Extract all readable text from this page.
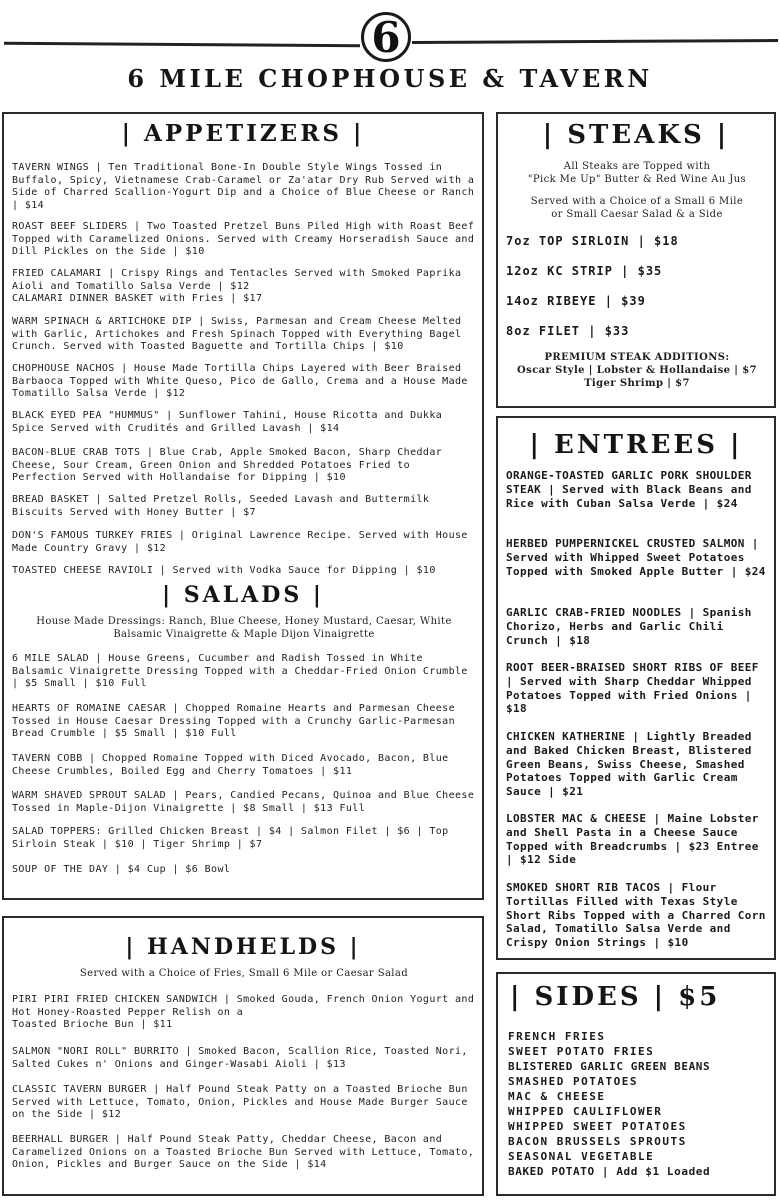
6
6 MILE CHOPHOUSE & TAVERN
| APPETIZERS |

TAVERN WINGS | Ten Traditional Bone-In Double Style Wings Tossed in Buffalo, Spicy, Vietnamese Crab-Caramel or Za'atar Dry Rub Served with a Side of Charred Scallion-Yogurt Dip and a Choice of Blue Cheese or Ranch | $14

ROAST BEEF SLIDERS | Two Toasted Pretzel Buns Piled High with Roast Beef Topped with Caramelized Onions. Served with Creamy Horseradish Sauce and Dill Pickles on the Side | $10

FRIED CALAMARI | Crispy Rings and Tentacles Served with Smoked Paprika Aioli and Tomatillo Salsa Verde | $12
CALAMARI DINNER BASKET with Fries | $17

WARM SPINACH & ARTICHOKE DIP | Swiss, Parmesan and Cream Cheese Melted with Garlic, Artichokes and Fresh Spinach Topped with Everything Bagel Crunch. Served with Toasted Baguette and Tortilla Chips | $10

CHOPHOUSE NACHOS | House Made Tortilla Chips Layered with Beer Braised Barbaoca Topped with White Queso, Pico de Gallo, Crema and a House Made Tomatillo Salsa Verde | $12

BLACK EYED PEA "HUMMUS" | Sunflower Tahini, House Ricotta and Dukka Spice Served with Crudités and Grilled Lavash | $14

BACON-BLUE CRAB TOTS | Blue Crab, Apple Smoked Bacon, Sharp Cheddar Cheese, Sour Cream, Green Onion and Shredded Potatoes Fried to Perfection Served with Hollandaise for Dipping | $10

BREAD BASKET | Salted Pretzel Rolls, Seeded Lavash and Buttermilk Biscuits Served with Honey Butter | $7

DON'S FAMOUS TURKEY FRIES | Original Lawrence Recipe. Served with House Made Country Gravy | $12

TOASTED CHEESE RAVIOLI | Served with Vodka Sauce for Dipping | $10

| SALADS |

House Made Dressings: Ranch, Blue Cheese, Honey Mustard, Caesar, White Balsamic Vinaigrette & Maple Dijon Vinaigrette

6 MILE SALAD | House Greens, Cucumber and Radish Tossed in White Balsamic Vinaigrette Dressing Topped with a Cheddar-Fried Onion Crumble | $5 Small | $10 Full

HEARTS OF ROMAINE CAESAR | Chopped Romaine Hearts and Parmesan Cheese Tossed in House Caesar Dressing Topped with a Crunchy Garlic-Parmesan Bread Crumble | $5 Small | $10 Full

TAVERN COBB | Chopped Romaine Topped with Diced Avocado, Bacon, Blue Cheese Crumbles, Boiled Egg and Cherry Tomatoes | $11

WARM SHAVED SPROUT SALAD | Pears, Candied Pecans, Quinoa and Blue Cheese Tossed in Maple-Dijon Vinaigrette | $8 Small | $13 Full

SALAD TOPPERS: Grilled Chicken Breast | $4 | Salmon Filet | $6 | Top Sirloin Steak | $10 | Tiger Shrimp | $7

SOUP OF THE DAY | $4 Cup | $6 Bowl

| HANDHELDS |

Served with a Choice of Fries, Small 6 Mile or Caesar Salad

PIRI PIRI FRIED CHICKEN SANDWICH | Smoked Gouda, French Onion Yogurt and Hot Honey-Roasted Pepper Relish on a
Toasted Brioche Bun | $11

SALMON "NORI ROLL" BURRITO | Smoked Bacon, Scallion Rice, Toasted Nori, Salted Cukes n' Onions and Ginger-Wasabi Aioli | $13

CLASSIC TAVERN BURGER | Half Pound Steak Patty on a Toasted Brioche Bun Served with Lettuce, Tomato, Onion, Pickles and House Made Burger Sauce on the Side | $12

BEERHALL BURGER | Half Pound Steak Patty, Cheddar Cheese, Bacon and Caramelized Onions on a Toasted Brioche Bun Served with Lettuce, Tomato, Onion, Pickles and Burger Sauce on the Side | $14

| STEAKS |

All Steaks are Topped with
"Pick Me Up" Butter & Red Wine Au Jus

Served with a Choice of a Small 6 Mile
or Small Caesar Salad & a Side

7oz TOP SIRLOIN | $18

12oz KC STRIP | $35

14oz RIBEYE | $39

8oz FILET | $33

PREMIUM STEAK ADDITIONS:

Oscar Style | Lobster & Hollandaise | $7
Tiger Shrimp | $7

| ENTREES |

ORANGE-TOASTED GARLIC PORK SHOULDER STEAK | Served with Black Beans and Rice with Cuban Salsa Verde | $24

HERBED PUMPERNICKEL CRUSTED SALMON | Served with Whipped Sweet Potatoes Topped with Smoked Apple Butter | $24

GARLIC CRAB-FRIED NOODLES | Spanish Chorizo, Herbs and Garlic Chili Crunch | $18

ROOT BEER-BRAISED SHORT RIBS OF BEEF | Served with Sharp Cheddar Whipped Potatoes Topped with Fried Onions | $18

CHICKEN KATHERINE | Lightly Breaded and Baked Chicken Breast, Blistered Green Beans, Swiss Cheese, Smashed Potatoes Topped with Garlic Cream Sauce | $21

LOBSTER MAC & CHEESE | Maine Lobster and Shell Pasta in a Cheese Sauce Topped with Breadcrumbs | $23 Entree | $12 Side

SMOKED SHORT RIB TACOS | Flour Tortillas Filled with Texas Style Short Ribs Topped with a Charred Corn Salad, Tomatillo Salsa Verde and Crispy Onion Strings | $10

| SIDES | $5

FRENCH FRIES

SWEET POTATO FRIES

BLISTERED GARLIC GREEN BEANS

SMASHED POTATOES

MAC & CHEESE

WHIPPED CAULIFLOWER

WHIPPED SWEET POTATOES

BACON BRUSSELS SPROUTS

SEASONAL VEGETABLE

BAKED POTATO | Add $1 Loaded
